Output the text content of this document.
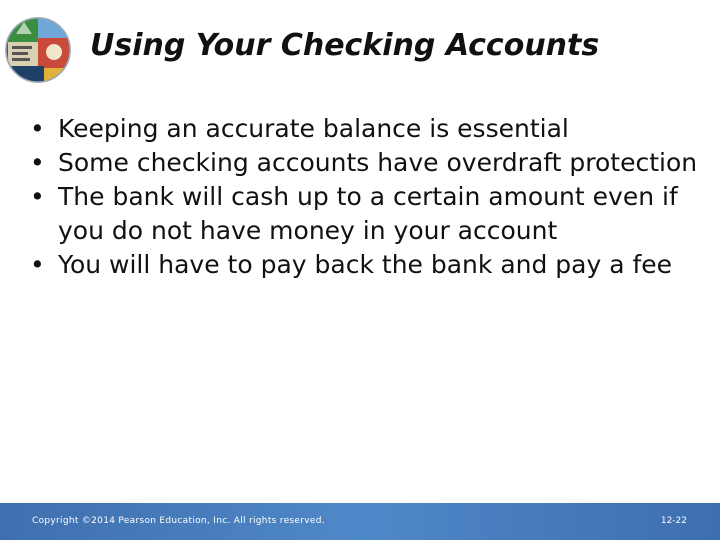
Using Your Checking Accounts
• Keeping an accurate balance is essential
• Some checking accounts have overdraft protection
• The bank will cash up to a certain amount even if you do not have money in your account
• You will have to pay back the bank and pay a fee
Copyright ©2014 Pearson Education, Inc. All rights reserved.	12-22
